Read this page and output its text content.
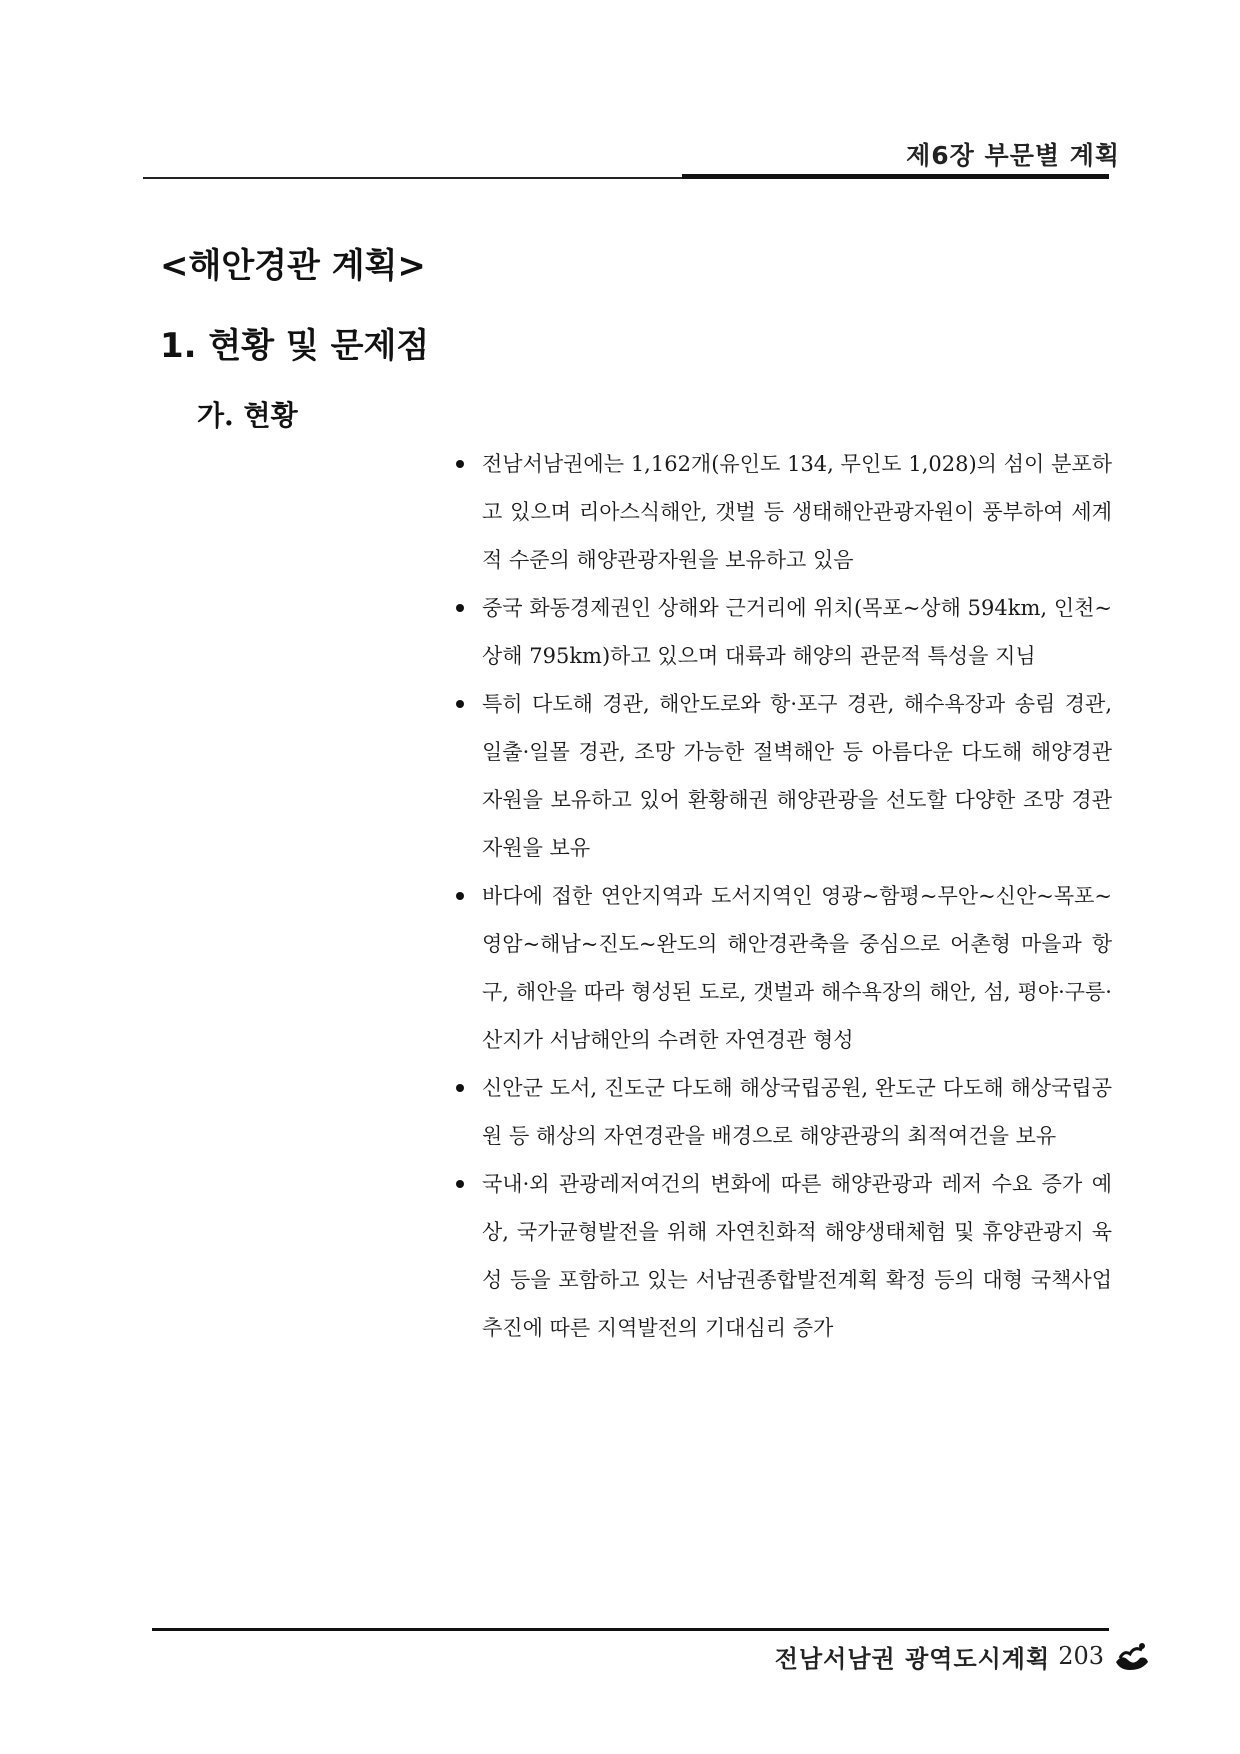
제6장 부문별 계획
<해안경관 계획>
1. 현황 및 문제점
가. 현황
전남서남권에는 1,162개(유인도 134, 무인도 1,028)의 섬이 분포하고 있으며 리아스식해안, 갯벌 등 생태해안관광자원이 풍부하여 세계적 수준의 해양관광자원을 보유하고 있음
중국 화동경제권인 상해와 근거리에 위치(목포~상해 594km, 인천~상해 795km)하고 있으며 대륙과 해양의 관문적 특성을 지님
특히 다도해 경관, 해안도로와 항·포구 경관, 해수욕장과 송림 경관, 일출·일몰 경관, 조망 가능한 절벽해안 등 아름다운 다도해 해양경관 자원을 보유하고 있어 환황해권 해양관광을 선도할 다양한 조망 경관자원을 보유
바다에 접한 연안지역과 도서지역인 영광~함평~무안~신안~목포~영암~해남~진도~완도의 해안경관축을 중심으로 어촌형 마을과 항구, 해안을 따라 형성된 도로, 갯벌과 해수욕장의 해안, 섬, 평야·구릉·산지가 서남해안의 수려한 자연경관 형성
신안군 도서, 진도군 다도해 해상국립공원, 완도군 다도해 해상국립공원 등 해상의 자연경관을 배경으로 해양관광의 최적여건을 보유
국내·외 관광레저여건의 변화에 따른 해양관광과 레저 수요 증가 예상, 국가균형발전을 위해 자연친화적 해양생태체험 및 휴양관광지 육성 등을 포함하고 있는 서남권종합발전계획 확정 등의 대형 국책사업 추진에 따른 지역발전의 기대심리 증가
전남서남권 광역도시계획 203
